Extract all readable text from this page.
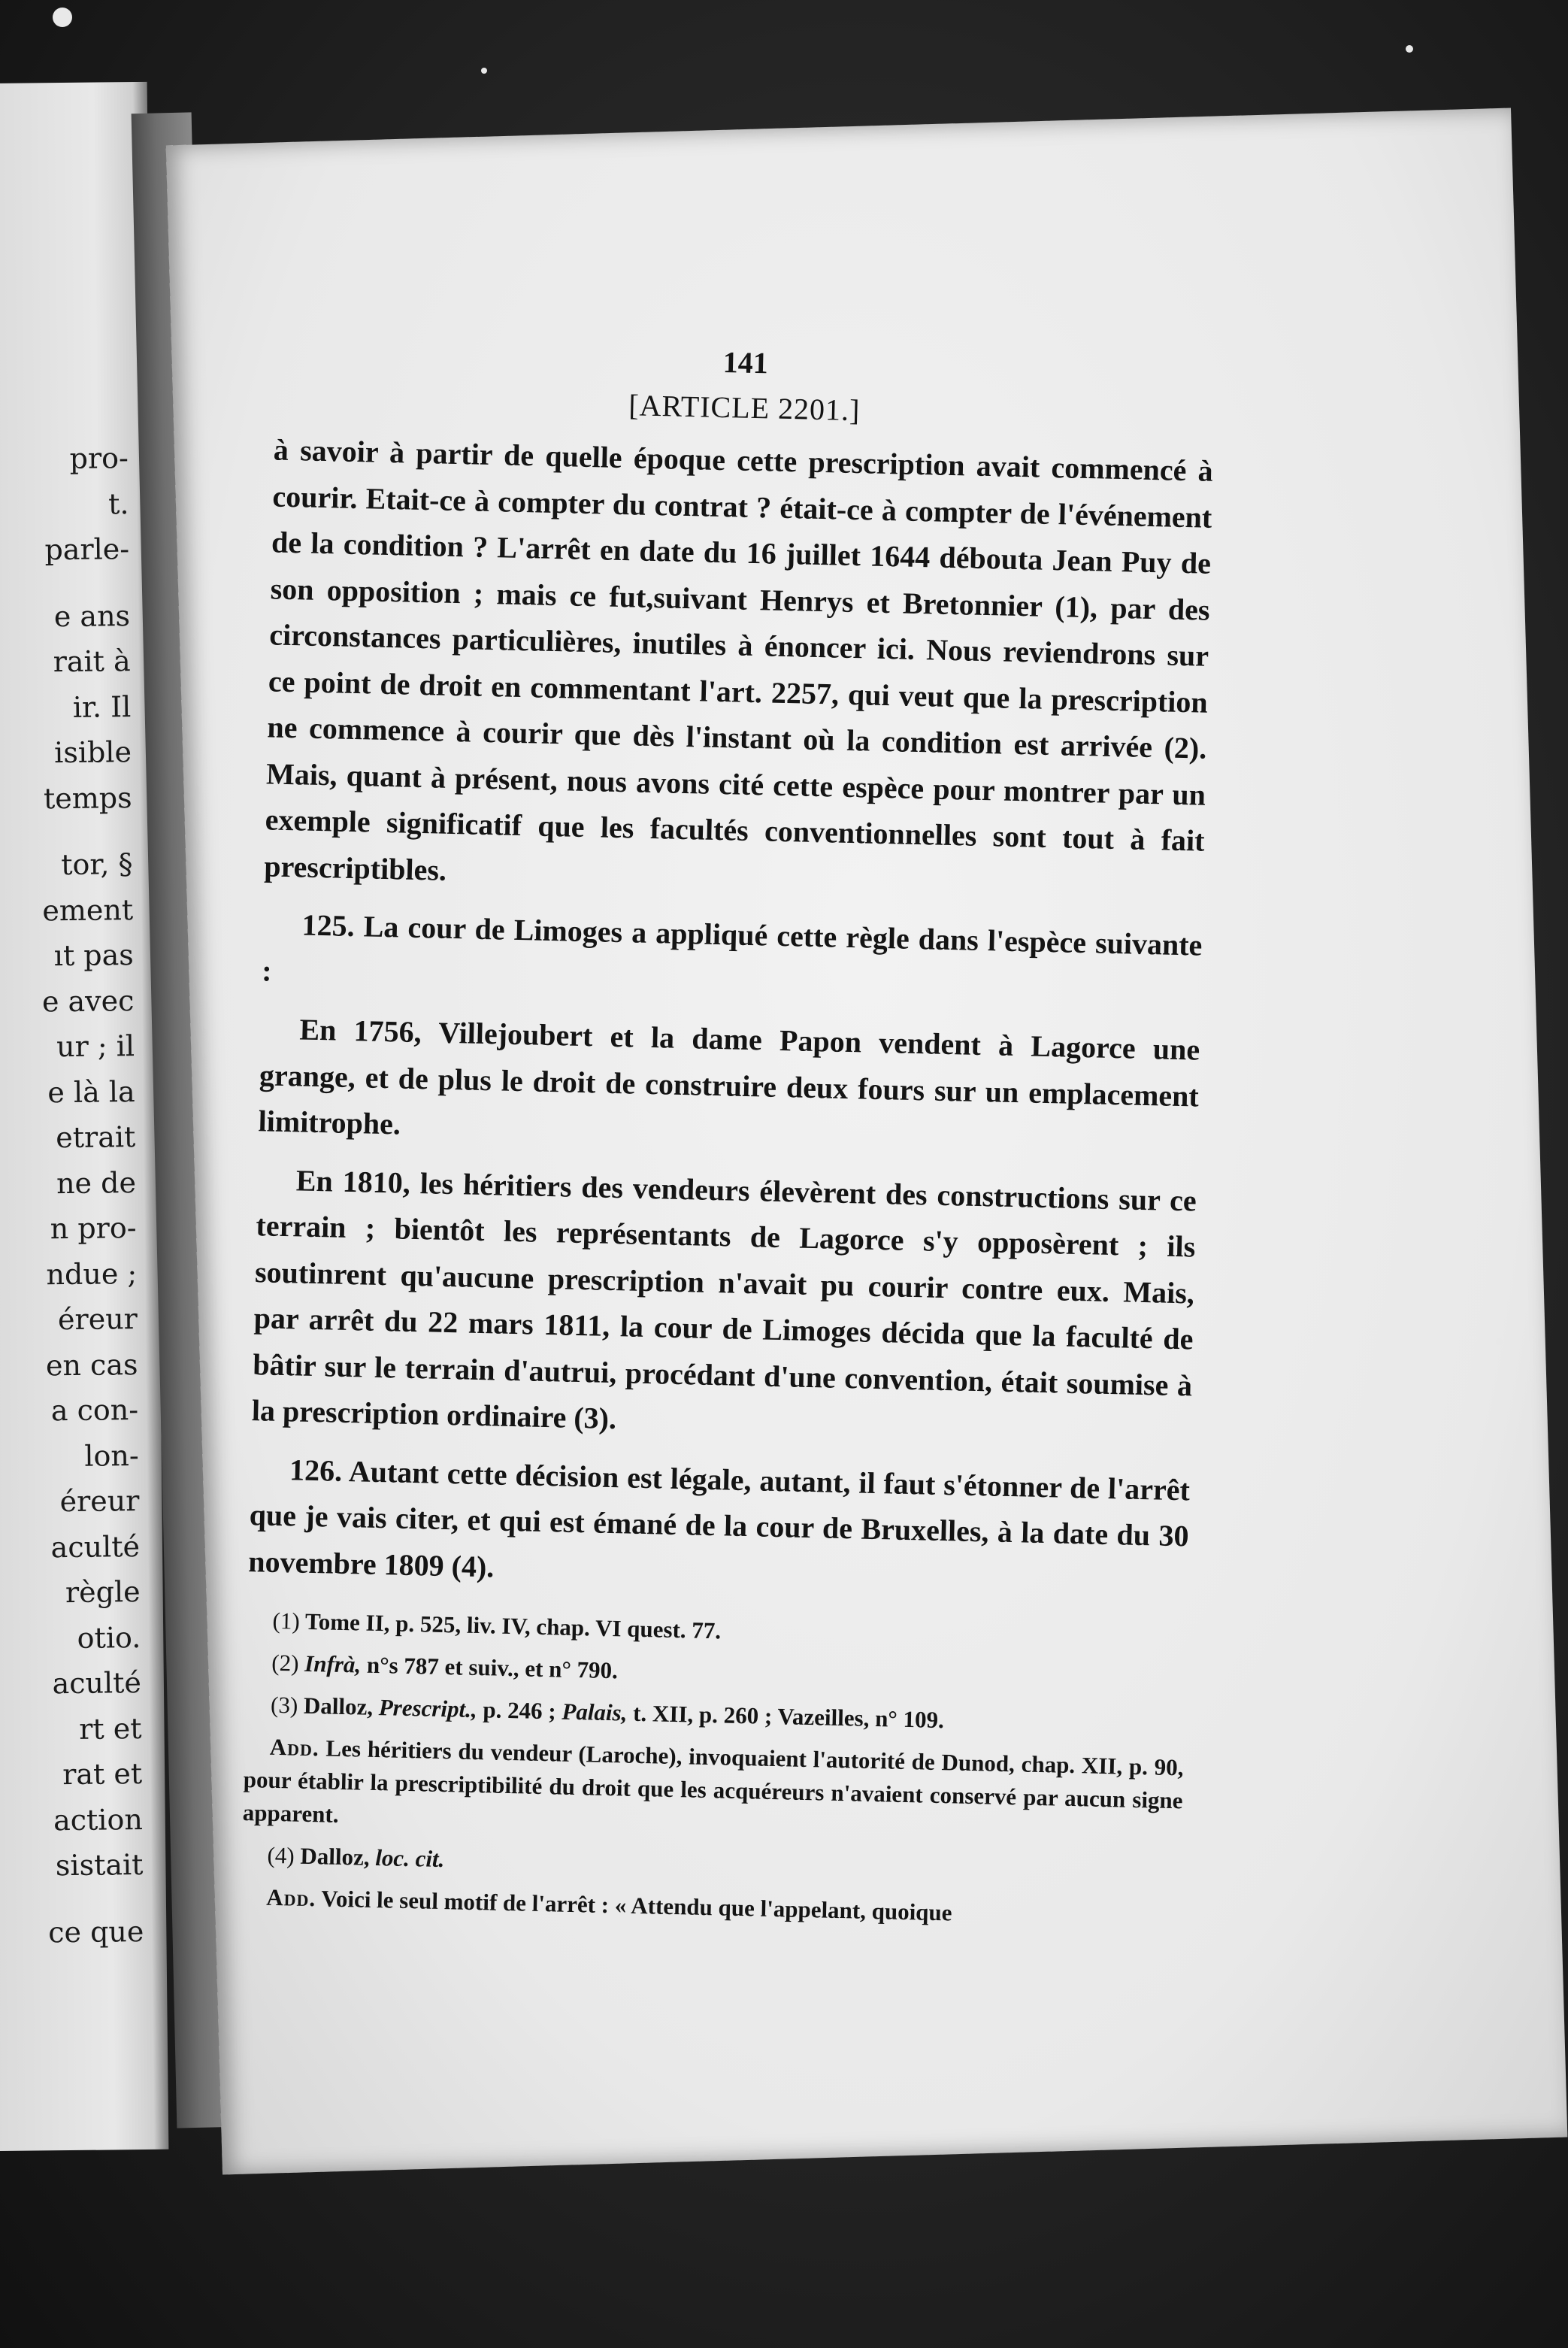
pro-
t.
parle-
e ans
rait à
ir. Il
isible
temps
tor, §
ement
ıt pas
e avec
ur ; il
e là la
etrait
ne de
n pro-
ndue ;
éreur
en cas
a con-
lon-
éreur
aculté
règle
otio.
aculté
rt et
rat et
action
sistait
ce que

141

[ARTICLE 2201.]

à savoir à partir de quelle époque cette prescription avait commencé à courir. Etait-ce à compter du contrat ? était-ce à compter de l'événement de la condition ? L'arrêt en date du 16 juillet 1644 débouta Jean Puy de son opposition ; mais ce fut,suivant Henrys et Bretonnier (1), par des circonstances particulières, inutiles à énoncer ici. Nous reviendrons sur ce point de droit en commentant l'art. 2257, qui veut que la prescription ne commence à courir que dès l'instant où la condition est arrivée (2). Mais, quant à présent, nous avons cité cette espèce pour montrer par un exemple significatif que les facultés conventionnelles sont tout à fait prescriptibles.

125. La cour de Limoges a appliqué cette règle dans l'espèce suivante :

En 1756, Villejoubert et la dame Papon vendent à Lagorce une grange, et de plus le droit de construire deux fours sur un emplacement limitrophe.

En 1810, les héritiers des vendeurs élevèrent des constructions sur ce terrain ; bientôt les représentants de Lagorce s'y opposèrent ; ils soutinrent qu'aucune prescription n'avait pu courir contre eux. Mais, par arrêt du 22 mars 1811, la cour de Limoges décida que la faculté de bâtir sur le terrain d'autrui, procédant d'une convention, était soumise à la prescription ordinaire (3).

126. Autant cette décision est légale, autant, il faut s'étonner de l'arrêt que je vais citer, et qui est émané de la cour de Bruxelles, à la date du 30 novembre 1809 (4).

(1) Tome II, p. 525, liv. IV, chap. VI quest. 77.

(2) Infrà, n°s 787 et suiv., et n° 790.

(3) Dalloz, Prescript., p. 246 ; Palais, t. XII, p. 260 ; Vazeilles, n° 109.

Add. Les héritiers du vendeur (Laroche), invoquaient l'autorité de Dunod, chap. XII, p. 90, pour établir la prescriptibilité du droit que les acquéreurs n'avaient conservé par aucun signe apparent.

(4) Dalloz, loc. cit.

Add. Voici le seul motif de l'arrêt : « Attendu que l'appelant, quoique
